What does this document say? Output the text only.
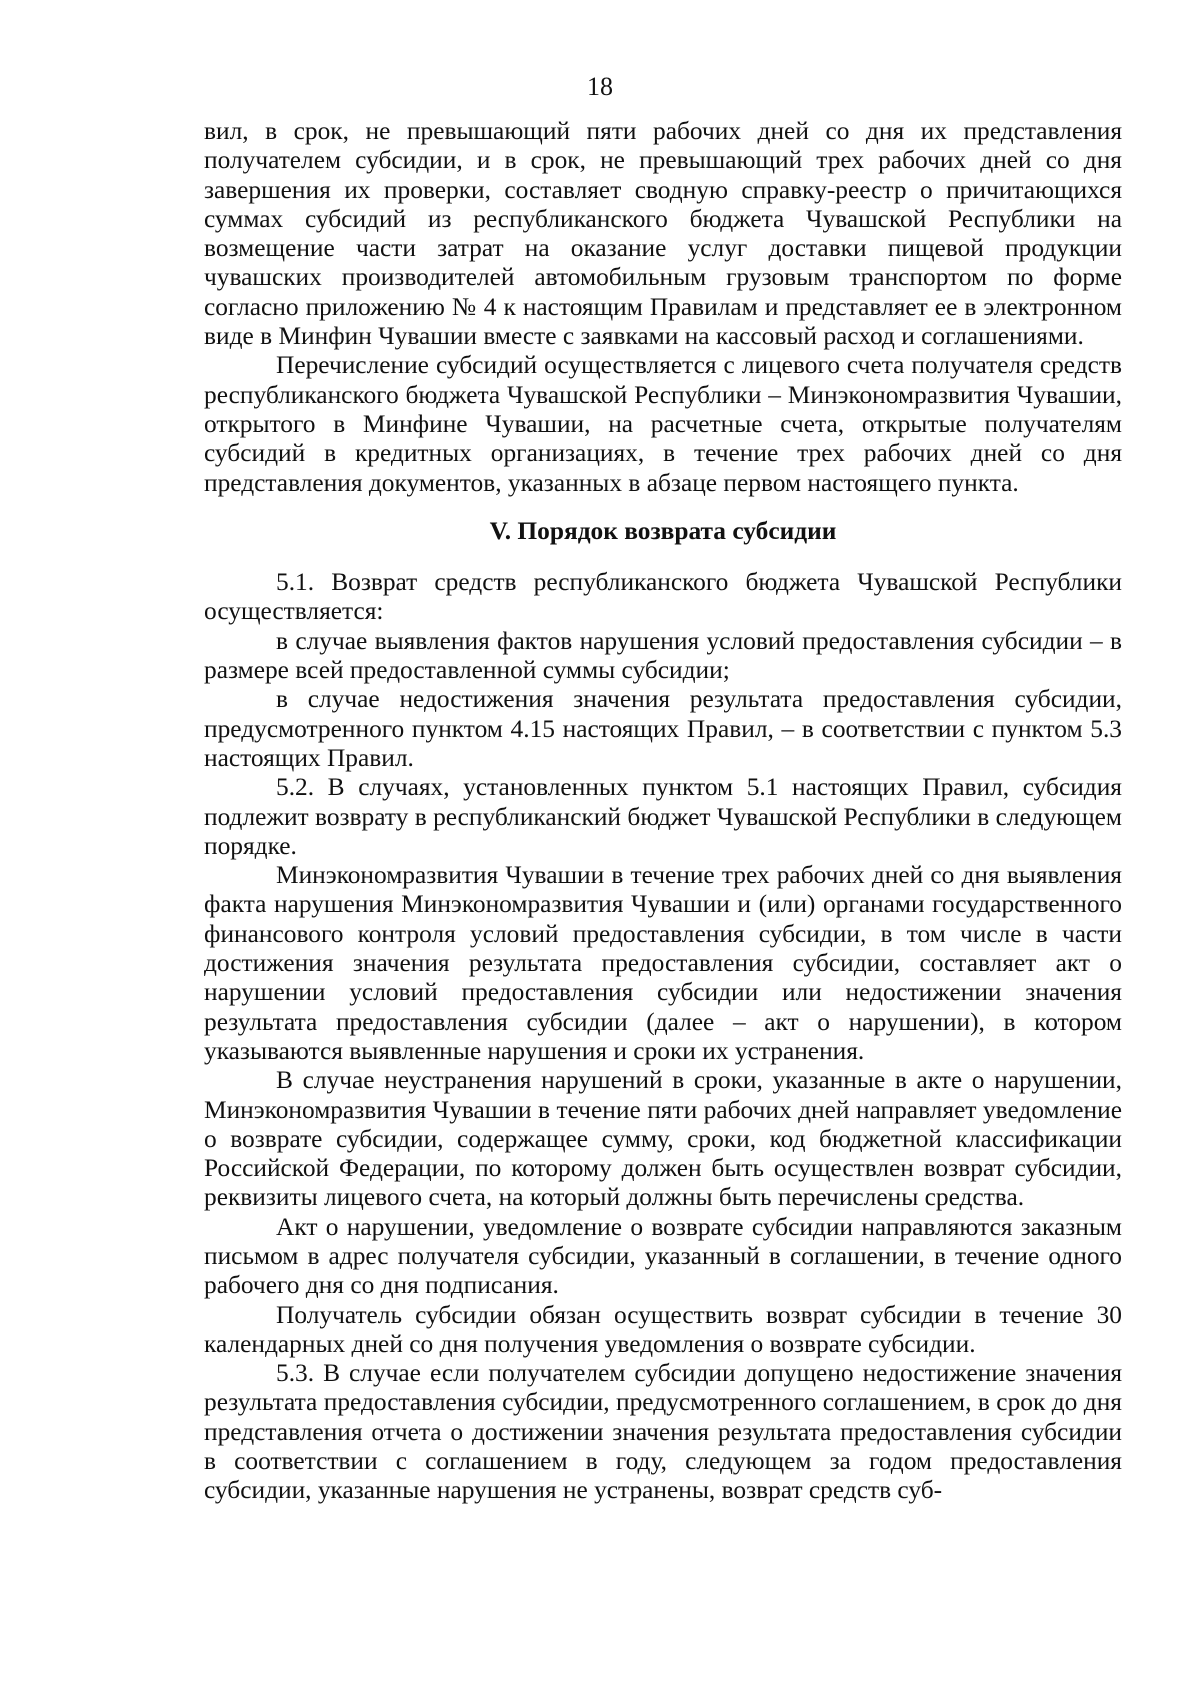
18

вил, в срок, не превышающий пяти рабочих дней со дня их представления получателем субсидии, и в срок, не превышающий трех рабочих дней со дня завершения их проверки, составляет сводную справку-реестр о причитающихся суммах субсидий из республиканского бюджета Чувашской Республики на возмещение части затрат на оказание услуг доставки пищевой продукции чувашских производителей автомобильным грузовым транспортом по форме согласно приложению № 4 к настоящим Правилам и представляет ее в электронном виде в Минфин Чувашии вместе с заявками на кассовый расход и соглашениями.

Перечисление субсидий осуществляется с лицевого счета получателя средств республиканского бюджета Чувашской Республики – Минэкономразвития Чувашии, открытого в Минфине Чувашии, на расчетные счета, открытые получателям субсидий в кредитных организациях, в течение трех рабочих дней со дня представления документов, указанных в абзаце первом настоящего пункта.

V. Порядок возврата субсидии

5.1. Возврат средств республиканского бюджета Чувашской Республики осуществляется:

в случае выявления фактов нарушения условий предоставления субсидии – в размере всей предоставленной суммы субсидии;

в случае недостижения значения результата предоставления субсидии, предусмотренного пунктом 4.15 настоящих Правил, – в соответствии с пунктом 5.3 настоящих Правил.

5.2. В случаях, установленных пунктом 5.1 настоящих Правил, субсидия подлежит возврату в республиканский бюджет Чувашской Республики в следующем порядке.

Минэкономразвития Чувашии в течение трех рабочих дней со дня выявления факта нарушения Минэкономразвития Чувашии и (или) органами государственного финансового контроля условий предоставления субсидии, в том числе в части достижения значения результата предоставления субсидии, составляет акт о нарушении условий предоставления субсидии или недостижении значения результата предоставления субсидии (далее – акт о нарушении), в котором указываются выявленные нарушения и сроки их устранения.

В случае неустранения нарушений в сроки, указанные в акте о нарушении, Минэкономразвития Чувашии в течение пяти рабочих дней направляет уведомление о возврате субсидии, содержащее сумму, сроки, код бюджетной классификации Российской Федерации, по которому должен быть осуществлен возврат субсидии, реквизиты лицевого счета, на который должны быть перечислены средства.

Акт о нарушении, уведомление о возврате субсидии направляются заказным письмом в адрес получателя субсидии, указанный в соглашении, в течение одного рабочего дня со дня подписания.

Получатель субсидии обязан осуществить возврат субсидии в течение 30 календарных дней со дня получения уведомления о возврате субсидии.

5.3. В случае если получателем субсидии допущено недостижение значения результата предоставления субсидии, предусмотренного соглашением, в срок до дня представления отчета о достижении значения результата предоставления субсидии в соответствии с соглашением в году, следующем за годом предоставления субсидии, указанные нарушения не устранены, возврат средств суб-
